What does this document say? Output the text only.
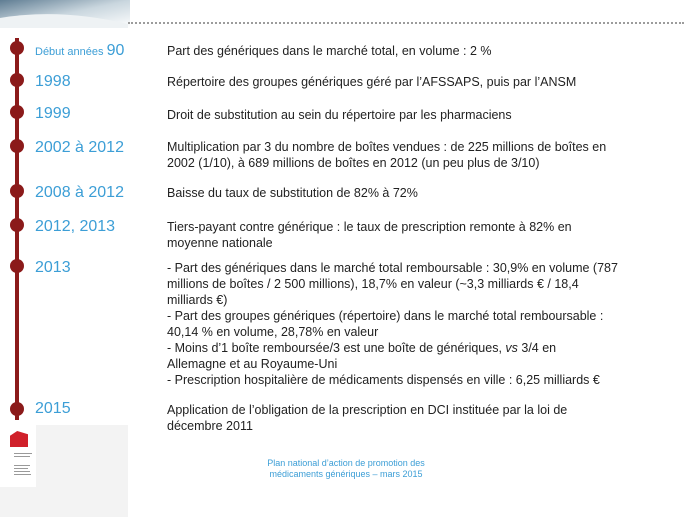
Début années 90	Part des génériques dans le marché total, en volume : 2 %
1998	Répertoire des groupes génériques géré par l’AFSSAPS, puis par l’ANSM
1999	Droit de substitution au sein du répertoire par les pharmaciens
2002 à 2012	Multiplication par 3 du nombre de boîtes vendues : de 225 millions de boîtes en
2002 (1/10), à 689 millions de boîtes en 2012 (un peu plus de 3/10)
2008 à 2012	Baisse du taux de substitution de 82% à 72%
2012, 2013	Tiers-payant contre générique : le taux de prescription remonte à 82% en
moyenne nationale
2013	- Part des génériques dans le marché total remboursable : 30,9% en volume (787
millions de boîtes / 2 500 millions), 18,7% en valeur (~3,3 milliards € / 18,4
milliards €)
- Part des groupes génériques (répertoire) dans le marché total remboursable :
40,14 % en volume, 28,78% en valeur
- Moins d’1 boîte remboursée/3 est une boîte de génériques, vs 3/4 en
Allemagne et au Royaume-Uni
- Prescription hospitalière de médicaments dispensés en ville : 6,25 milliards €
2015	Application de l’obligation de la prescription en DCI instituée par la loi de
décembre 2011
Plan national d’action de promotion des
médicaments génériques – mars 2015
